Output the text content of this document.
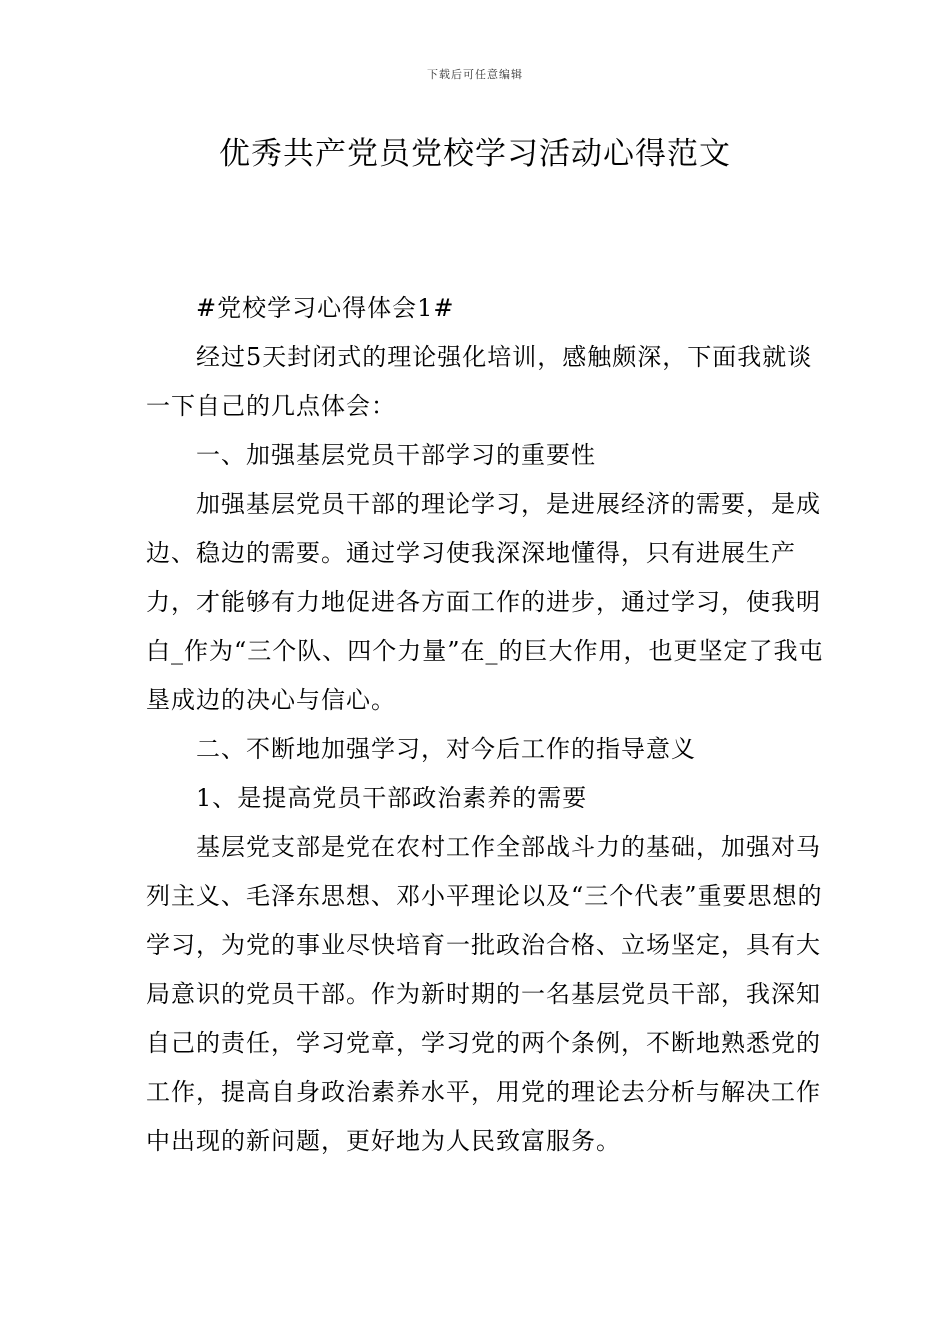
下载后可任意编辑
优秀共产党员党校学习活动心得范文

#党校学习心得体会1#

经过5天封闭式的理论强化培训，感触颇深，下面我就谈一下自己的几点体会：

一、加强基层党员干部学习的重要性

加强基层党员干部的理论学习，是进展经济的需要，是成边、稳边的需要。通过学习使我深深地懂得，只有进展生产力，才能够有力地促进各方面工作的进步，通过学习，使我明白_作为“三个队、四个力量”在_的巨大作用，也更坚定了我屯垦成边的决心与信心。

二、不断地加强学习，对今后工作的指导意义

1、是提高党员干部政治素养的需要

基层党支部是党在农村工作全部战斗力的基础，加强对马列主义、毛泽东思想、邓小平理论以及“三个代表”重要思想的学习，为党的事业尽快培育一批政治合格、立场坚定，具有大局意识的党员干部。作为新时期的一名基层党员干部，我深知自己的责任，学习党章，学习党的两个条例，不断地熟悉党的工作，提高自身政治素养水平，用党的理论去分析与解决工作中出现的新问题，更好地为人民致富服务。
